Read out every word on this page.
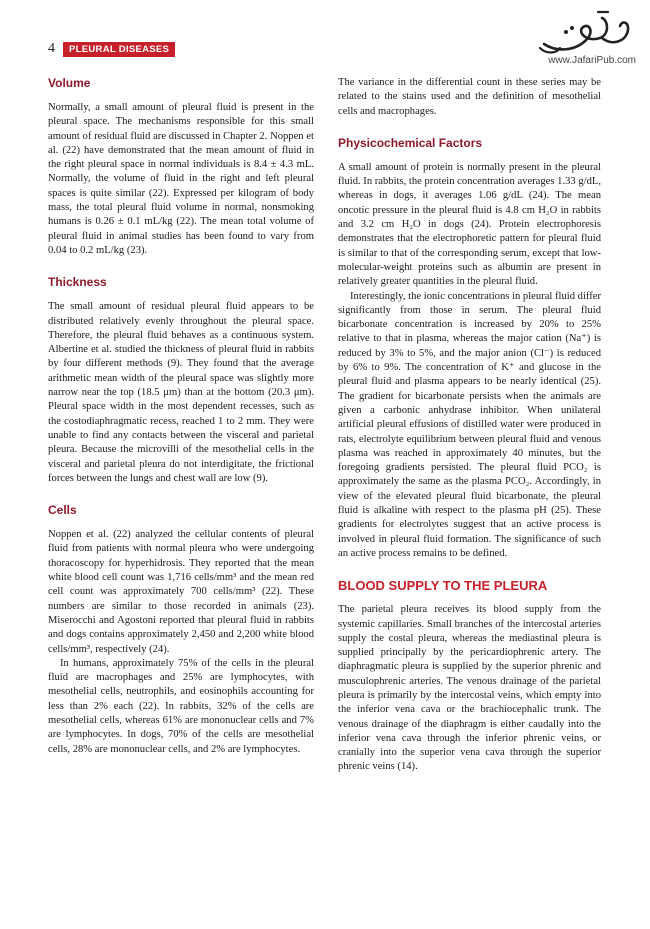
4	PLEURAL DISEASES
www.JafariPub.com
Volume

Normally, a small amount of pleural fluid is present in the pleural space. The mechanisms responsible for this small amount of residual fluid are discussed in Chapter 2. Noppen et al. (22) have demonstrated that the mean amount of fluid in the right pleural space in normal individuals is 8.4 ± 4.3 mL. Normally, the volume of fluid in the right and left pleural spaces is quite similar (22). Expressed per kilogram of body mass, the total pleural fluid volume in normal, nonsmoking humans is 0.26 ± 0.1 mL/kg (22). The mean total volume of pleural fluid in animal studies has been found to vary from 0.04 to 0.2 mL/kg (23).

Thickness

The small amount of residual pleural fluid appears to be distributed relatively evenly throughout the pleural space. Therefore, the pleural fluid behaves as a continuous system. Albertine et al. studied the thickness of pleural fluid in rabbits by four different methods (9). They found that the average arithmetic mean width of the pleural space was slightly more narrow near the top (18.5 μm) than at the bottom (20.3 μm). Pleural space width in the most dependent recesses, such as the costodiaphragmatic recess, reached 1 to 2 mm. They were unable to find any contacts between the visceral and parietal pleura. Because the microvilli of the mesothelial cells in the visceral and parietal pleura do not interdigitate, the frictional forces between the lungs and chest wall are low (9).

Cells

Noppen et al. (22) analyzed the cellular contents of pleural fluid from patients with normal pleura who were undergoing thoracoscopy for hyperhidrosis. They reported that the mean white blood cell count was 1,716 cells/mm³ and the mean red cell count was approximately 700 cells/mm³ (22). These numbers are similar to those recorded in animals (23). Miserocchi and Agostoni reported that pleural fluid in rabbits and dogs contains approximately 2,450 and 2,200 white blood cells/mm³, respectively (24).

In humans, approximately 75% of the cells in the pleural fluid are macrophages and 25% are lymphocytes, with mesothelial cells, neutrophils, and eosinophils accounting for less than 2% each (22). In rabbits, 32% of the cells are mesothelial cells, whereas 61% are mononuclear cells and 7% are lymphocytes. In dogs, 70% of the cells are mesothelial cells, 28% are mononuclear cells, and 2% are lymphocytes.

The variance in the differential count in these series may be related to the stains used and the definition of mesothelial cells and macrophages.

Physicochemical Factors

A small amount of protein is normally present in the pleural fluid. In rabbits, the protein concentration averages 1.33 g/dL, whereas in dogs, it averages 1.06 g/dL (24). The mean oncotic pressure in the pleural fluid is 4.8 cm H₂O in rabbits and 3.2 cm H₂O in dogs (24). Protein electrophoresis demonstrates that the electrophoretic pattern for pleural fluid is similar to that of the corresponding serum, except that low-molecular-weight proteins such as albumin are present in relatively greater quantities in the pleural fluid.

Interestingly, the ionic concentrations in pleural fluid differ significantly from those in serum. The pleural fluid bicarbonate concentration is increased by 20% to 25% relative to that in plasma, whereas the major cation (Na⁺) is reduced by 3% to 5%, and the major anion (Cl⁻) is reduced by 6% to 9%. The concentration of K⁺ and glucose in the pleural fluid and plasma appears to be nearly identical (25). The gradient for bicarbonate persists when the animals are given a carbonic anhydrase inhibitor. When unilateral artificial pleural effusions of distilled water were produced in rats, electrolyte equilibrium between pleural fluid and venous plasma was reached in approximately 40 minutes, but the foregoing gradients persisted. The pleural fluid PCO₂ is approximately the same as the plasma PCO₂. Accordingly, in view of the elevated pleural fluid bicarbonate, the pleural fluid is alkaline with respect to the plasma pH (25). These gradients for electrolytes suggest that an active process is involved in pleural fluid formation. The significance of such an active process remains to be defined.

BLOOD SUPPLY TO THE PLEURA

The parietal pleura receives its blood supply from the systemic capillaries. Small branches of the intercostal arteries supply the costal pleura, whereas the mediastinal pleura is supplied principally by the pericardiophrenic artery. The diaphragmatic pleura is supplied by the superior phrenic and musculophrenic arteries. The venous drainage of the parietal pleura is primarily by the intercostal veins, which empty into the inferior vena cava or the brachiocephalic trunk. The venous drainage of the diaphragm is either caudally into the inferior vena cava through the inferior phrenic veins, or cranially into the superior vena cava through the superior phrenic veins (14).
